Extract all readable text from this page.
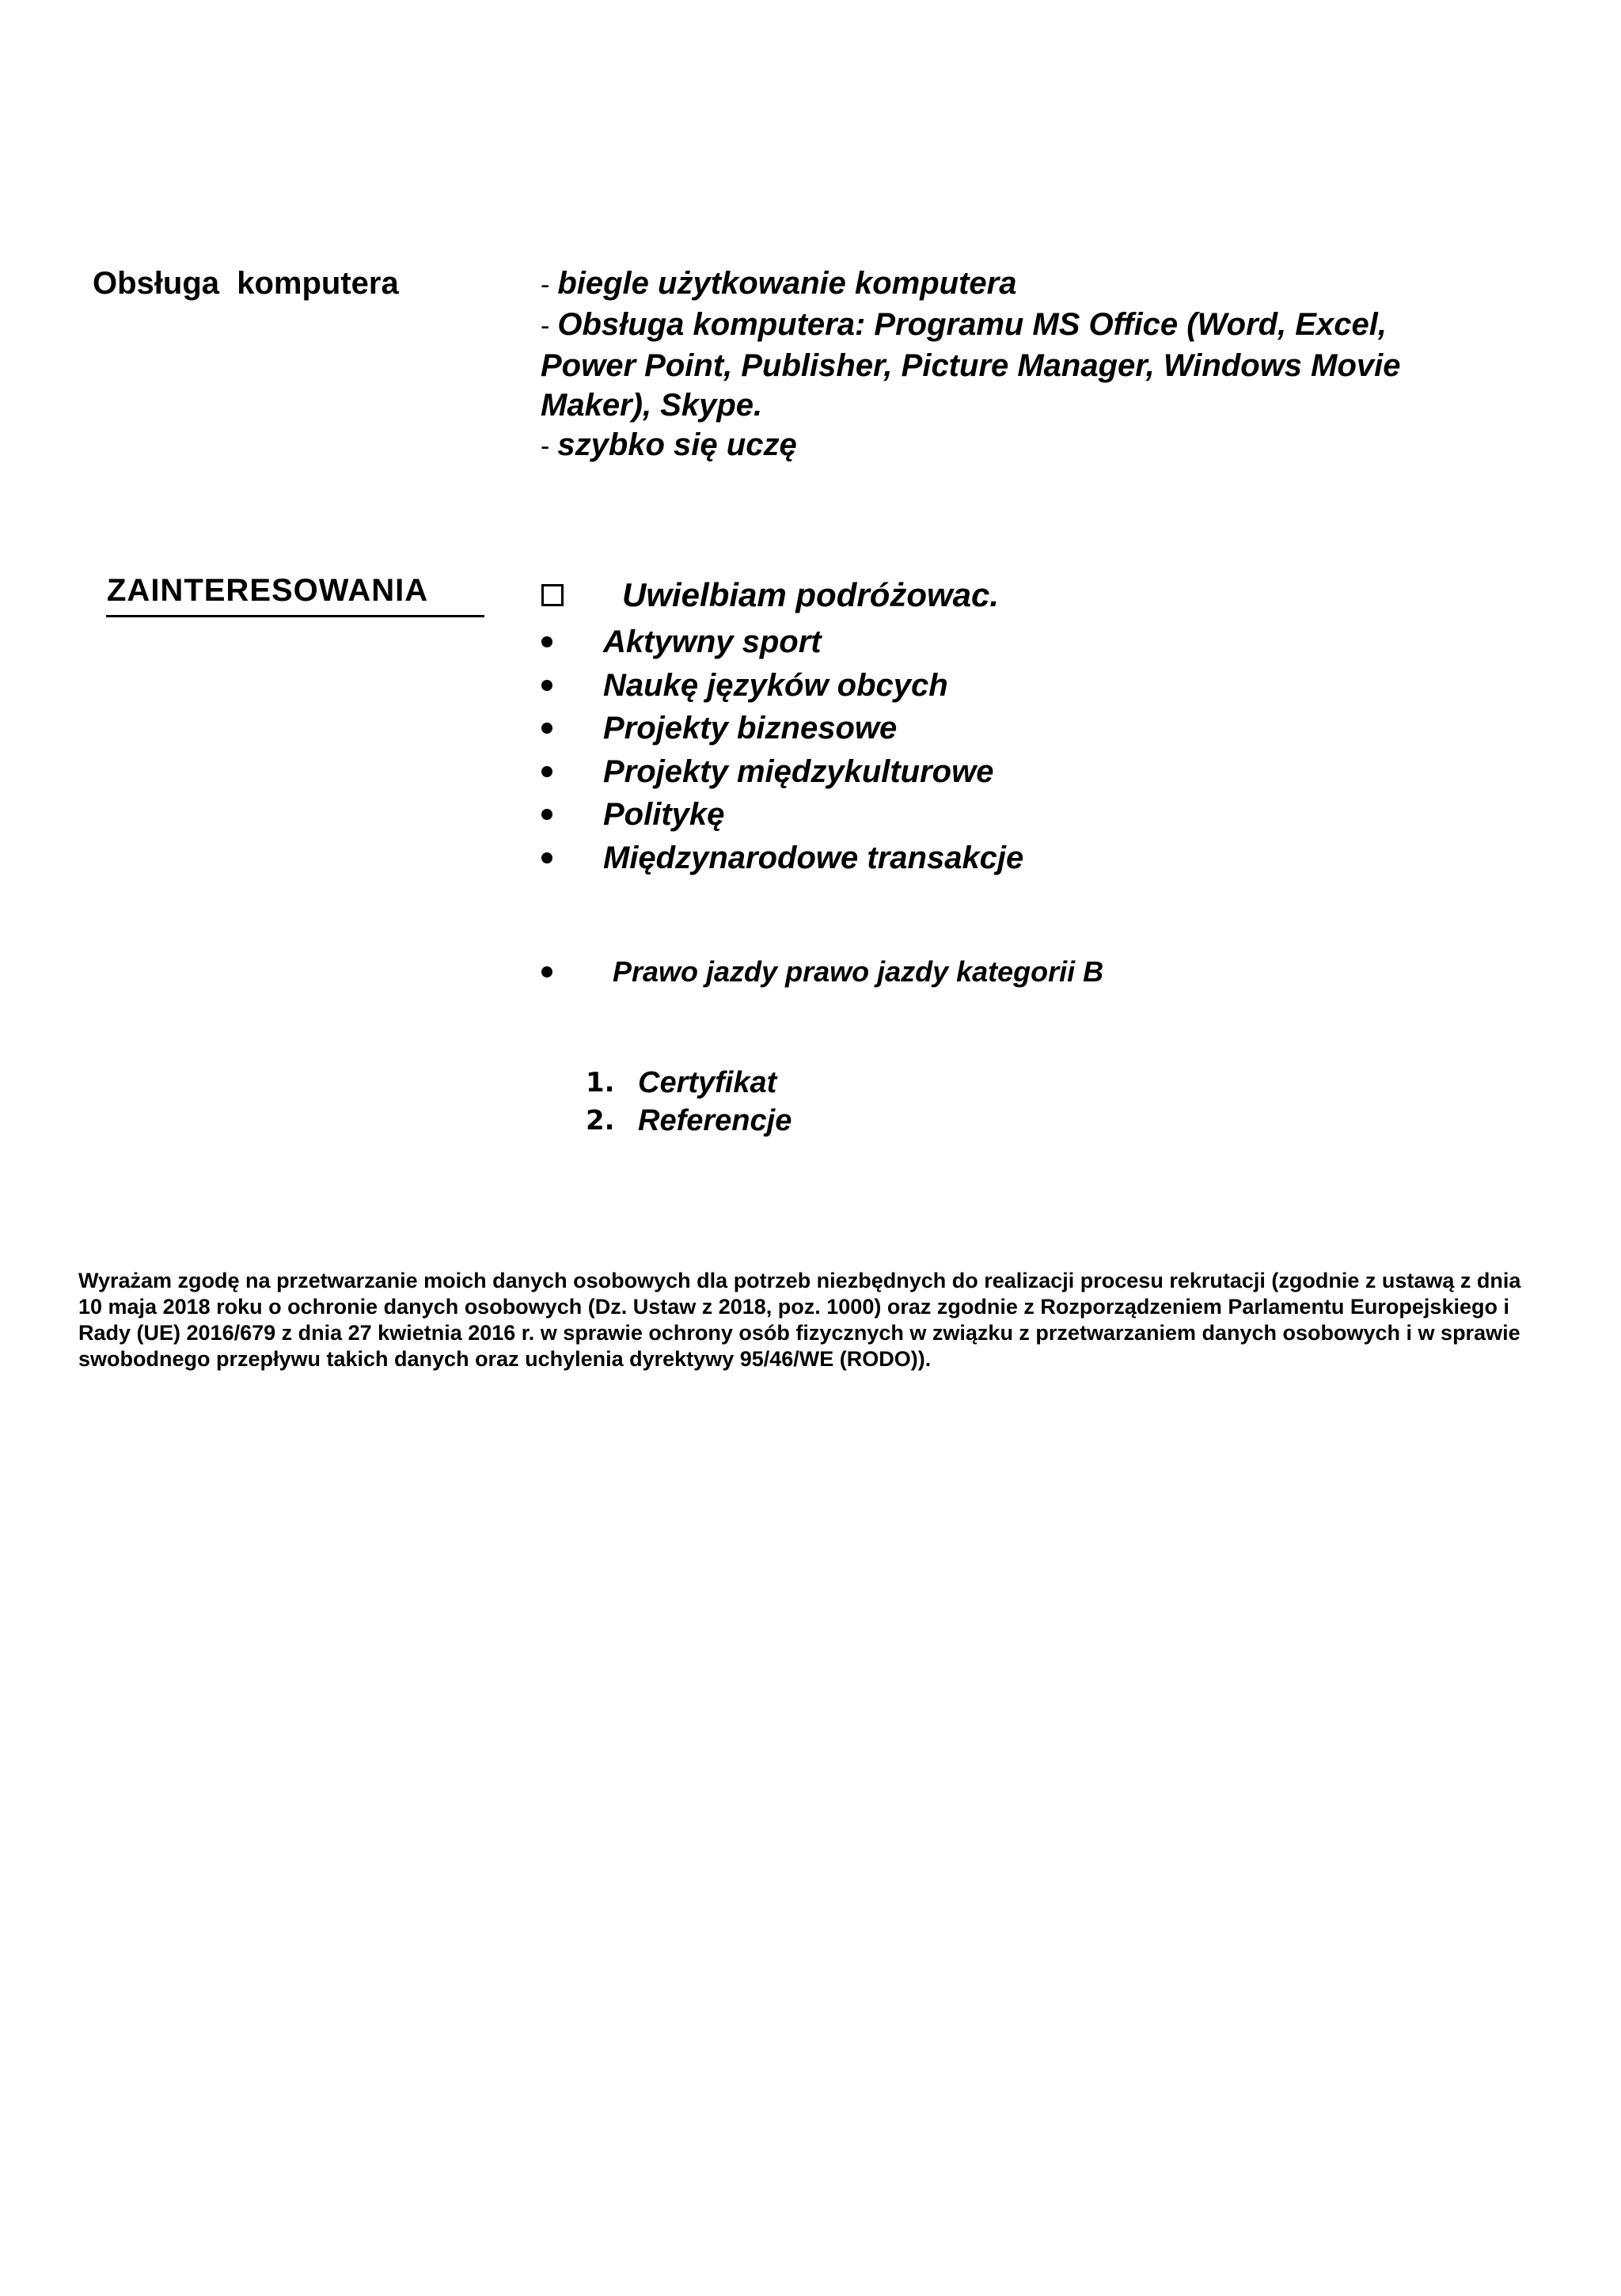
Obsługa  komputera	- biegle użytkowanie komputera
- Obsługa komputera: Programu MS Office (Word, Excel, Power Point, Publisher, Picture Manager, Windows Movie Maker), Skype.
- szybko się uczę
ZAINTERESOWANIA	Uwielbiam podróżowac.
Aktywny sport
Naukę języków obcych
Projekty biznesowe
Projekty międzykulturowe
Politykę
Międzynarodowe transakcje
Prawo jazdy prawo jazdy kategorii B
1. Certyfikat
2. Referencje
Wyrażam zgodę na przetwarzanie moich danych osobowych dla potrzeb niezbędnych do realizacji procesu rekrutacji (zgodnie z ustawą z dnia 10 maja 2018 roku o ochronie danych osobowych (Dz. Ustaw z 2018, poz. 1000) oraz zgodnie z Rozporządzeniem Parlamentu Europejskiego i Rady (UE) 2016/679 z dnia 27 kwietnia 2016 r. w sprawie ochrony osób fizycznych w związku z przetwarzaniem danych osobowych i w sprawie swobodnego przepływu takich danych oraz uchylenia dyrektywy 95/46/WE (RODO)).
